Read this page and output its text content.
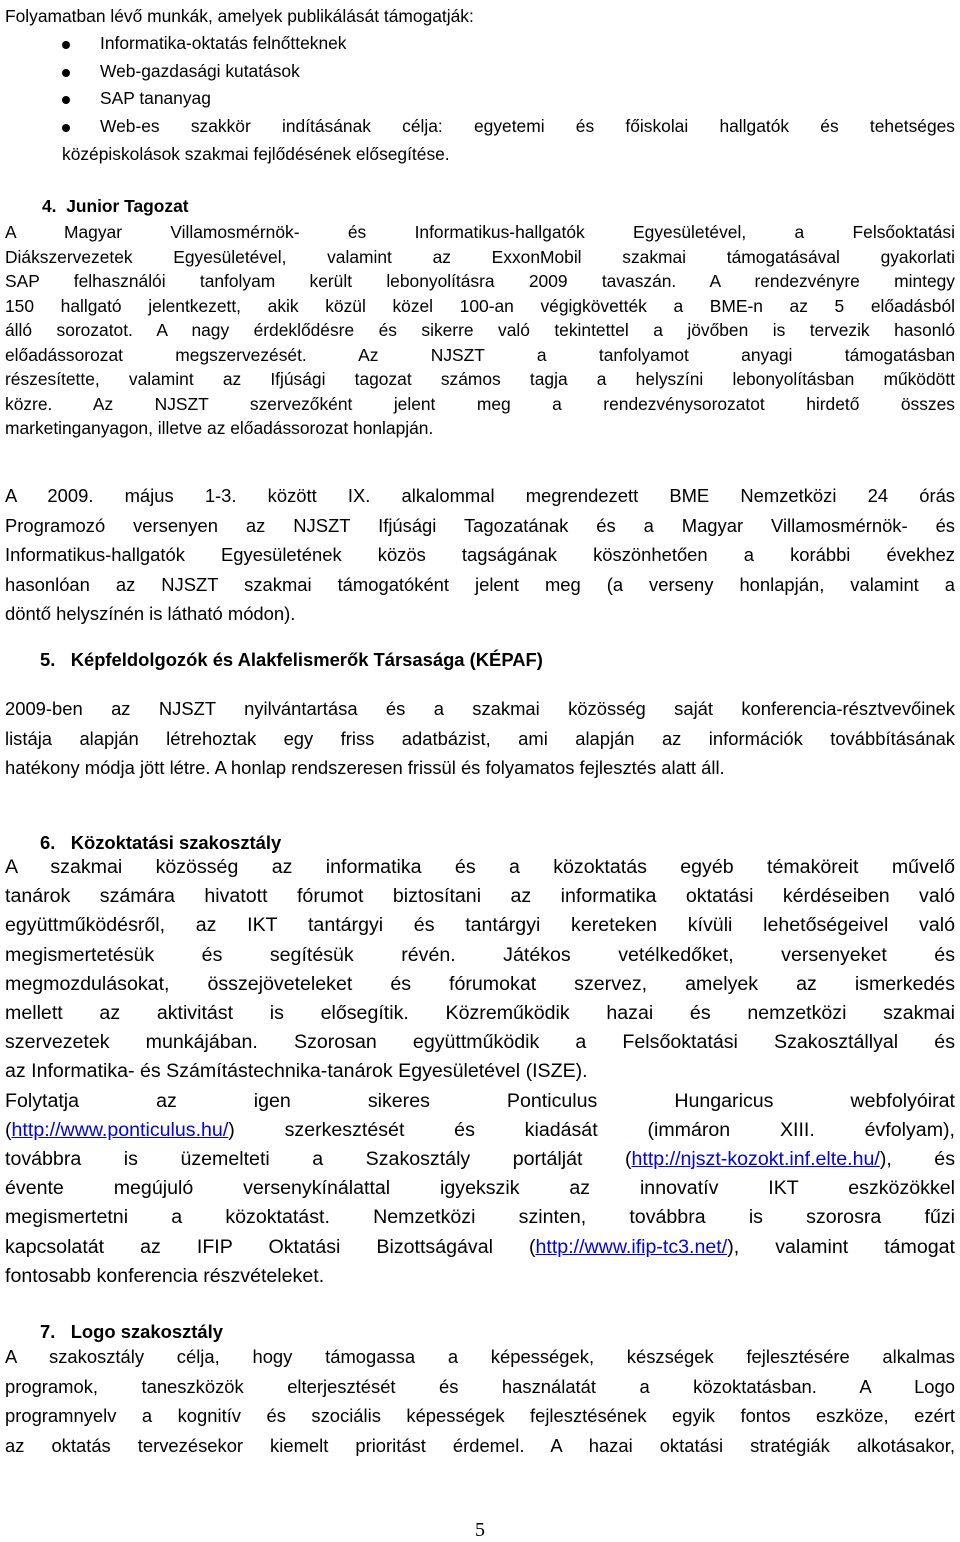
Folyamatban lévő munkák, amelyek publikálását támogatják:
Informatika-oktatás felnőtteknek
Web-gazdasági kutatások
SAP tananyag
Web-es szakkör indításának célja: egyetemi és főiskolai hallgatók és tehetséges
középiskolások szakmai fejlődésének elősegítése.
4. Junior Tagozat
A Magyar Villamosmérnök- és Informatikus-hallgatók Egyesületével, a Felsőoktatási
Diákszervezetek Egyesületével, valamint az ExxonMobil szakmai támogatásával gyakorlati
SAP felhasználói tanfolyam került lebonyolításra 2009 tavaszán. A rendezvényre mintegy
150 hallgató jelentkezett, akik közül közel 100-an végigkövették a BME-n az 5 előadásból
álló sorozatot. A nagy érdeklődésre és sikerre való tekintettel a jövőben is tervezik hasonló
előadássorozat megszervezését. Az NJSZT a tanfolyamot anyagi támogatásban
részesítette, valamint az Ifjúsági tagozat számos tagja a helyszíni lebonyolításban működött
közre. Az NJSZT szervezőként jelent meg a rendezvénysorozatot hirdető összes
marketinganyagon, illetve az előadássorozat honlapján.
A 2009. május 1-3. között IX. alkalommal megrendezett BME Nemzetközi 24 órás
Programozó versenyen az NJSZT Ifjúsági Tagozatának és a Magyar Villamosmérnök- és
Informatikus-hallgatók Egyesületének közös tagságának köszönhetően a korábbi évekhez
hasonlóan az NJSZT szakmai támogatóként jelent meg (a verseny honlapján, valamint a
döntő helyszínén is látható módon).
5. Képfeldolgozók és Alakfelismerők Társasága (KÉPAF)
2009-ben az NJSZT nyilvántartása és a szakmai közösség saját konferencia-résztvevőinek
listája alapján létrehoztak egy friss adatbázist, ami alapján az információk továbbításának
hatékony módja jött létre. A honlap rendszeresen frissül és folyamatos fejlesztés alatt áll.
6. Közoktatási szakosztály
A szakmai közösség az informatika és a közoktatás egyéb témaköreit művelő
tanárok számára hivatott fórumot biztosítani az informatika oktatási kérdéseiben való
együttműködésről, az IKT tantárgyi és tantárgyi kereteken kívüli lehetőségeivel való
megismertetésük és segítésük révén. Játékos vetélkedőket, versenyeket és
megmozdulásokat, összejöveteleket és fórumokat szervez, amelyek az ismerkedés
mellett az aktivitást is elősegítik. Közreműködik hazai és nemzetközi szakmai
szervezetek munkájában. Szorosan együttműködik a Felsőoktatási Szakosztállyal és
az Informatika- és Számítástechnika-tanárok Egyesületével (ISZE).
Folytatja az igen sikeres Ponticulus Hungaricus webfolyóirat
(http://www.ponticulus.hu/) szerkesztését és kiadását (immáron XIII. évfolyam),
továbbra is üzemelteti a Szakosztály portálját (http://njszt-kozokt.inf.elte.hu/), és
évente megújuló versenykínálattal igyekszik az innovatív IKT eszközökkel
megismertetni a közoktatást. Nemzetközi szinten, továbbra is szorosra fűzi
kapcsolatát az IFIP Oktatási Bizottságával (http://www.ifip-tc3.net/), valamint támogat
fontosabb konferencia részvételeket.
7. Logo szakosztály
A szakosztály célja, hogy támogassa a képességek, készségek fejlesztésére alkalmas
programok, taneszközök elterjesztését és használatát a közoktatásban. A Logo
programnyelv a kognitív és szociális képességek fejlesztésének egyik fontos eszköze, ezért
az oktatás tervezésekor kiemelt prioritást érdemel. A hazai oktatási stratégiák alkotásakor,
5
